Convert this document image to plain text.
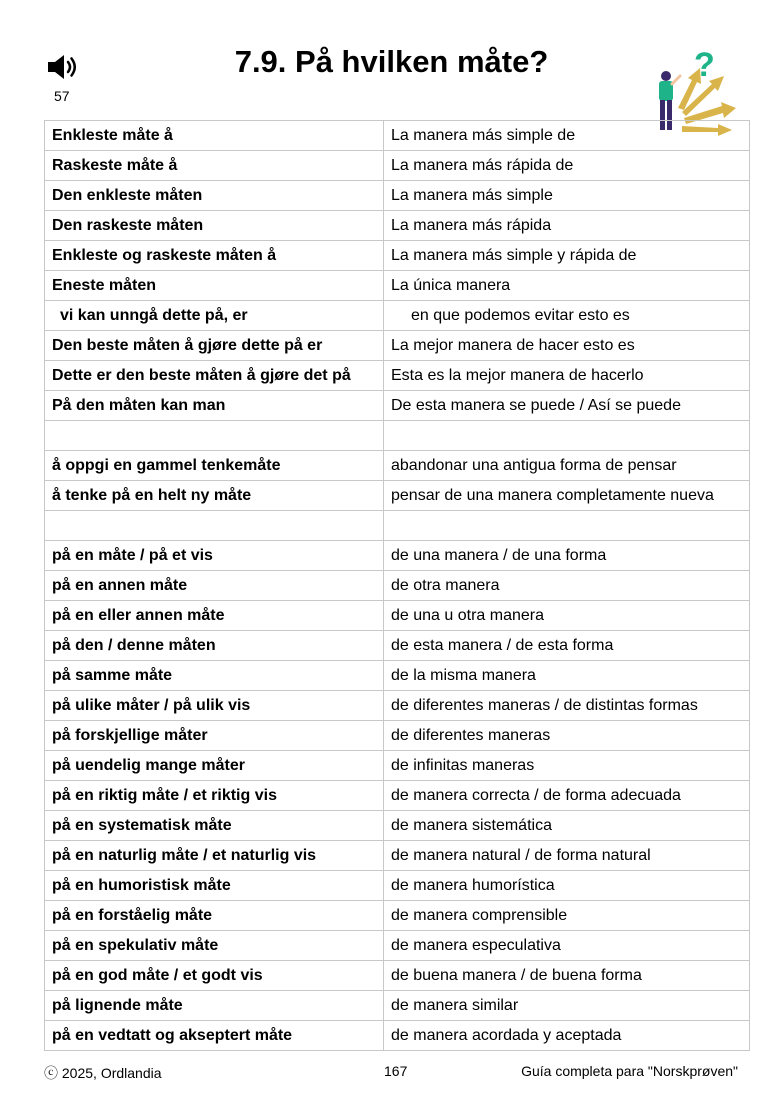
57
7.9. På hvilken måte?	?
Enkleste måte å	La manera más simple de
Raskeste måte å	La manera más rápida de
Den enkleste måten	La manera más simple
Den raskeste måten	La manera más rápida
Enkleste og raskeste måten å	La manera más simple y rápida de
Eneste måten	La única manera
vi kan unngå dette på, er	en que podemos evitar esto es
Den beste måten å gjøre dette på er	La mejor manera de hacer esto es
Dette er den beste måten å gjøre det på	Esta es la mejor manera de hacerlo
På den måten kan man	De esta manera se puede / Así se puede

å oppgi en gammel tenkemåte	abandonar una antigua forma de pensar
å tenke på en helt ny måte	pensar de una manera completamente nueva

på en måte / på et vis	de una manera / de una forma
på en annen måte	de otra manera
på en eller annen måte	de una u otra manera
på den / denne måten	de esta manera / de esta forma
på samme måte	de la misma manera
på ulike måter / på ulik vis	de diferentes maneras / de distintas formas
på forskjellige måter	de diferentes maneras
på uendelig mange måter	de infinitas maneras
på en riktig måte / et riktig vis	de manera correcta / de forma adecuada
på en systematisk måte	de manera sistemática
på en naturlig måte / et naturlig vis	de manera natural / de forma natural
på en humoristisk måte	de manera humorística
på en forståelig måte	de manera comprensible
på en spekulativ måte	de manera especulativa
på en god måte / et godt vis	de buena manera / de buena forma
på lignende måte	de manera similar
på en vedtatt og akseptert måte	de manera acordada y aceptada
ⓒ 2025, Ordlandia	167	Guía completa para "Norskprøven"
